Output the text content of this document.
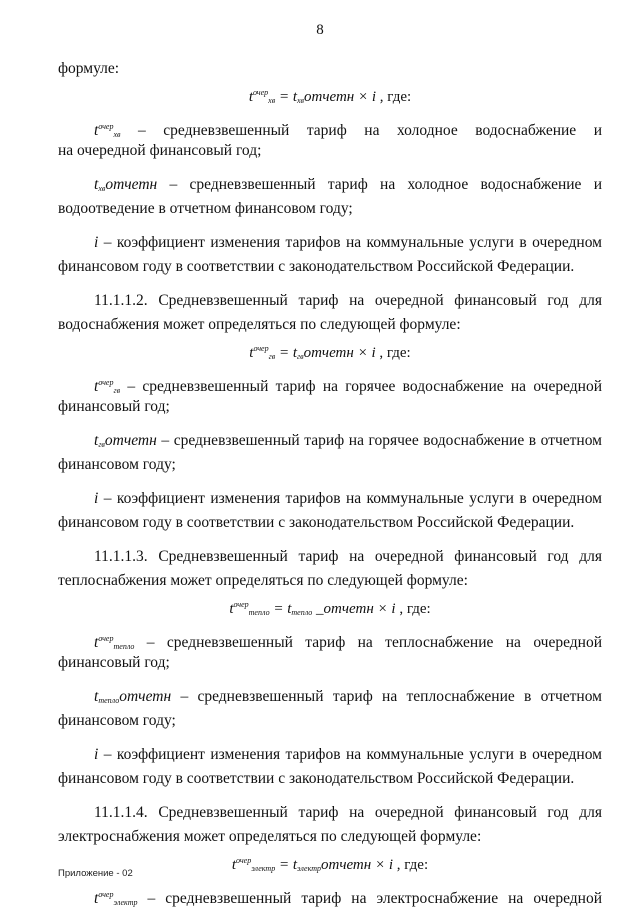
8
формуле:
$t^{очер}_{хв}$ = $t_{хв}отчетн \times i$ , где:
$t^{очер}_{хв}$ – средневзвешенный тариф на холодное водоснабжение и
на очередной финансовый год;
$t_{хв}отчетн$ – средневзвешенный тариф на холодное водоснабжение и
водоотведение в отчетном финансовом году;
i – коэффициент изменения тарифов на коммунальные услуги в очередном
финансовом году в соответствии с законодательством Российской Федерации.
11.1.1.2. Средневзвешенный тариф на очередной финансовый год для
водоснабжения может определяться по следующей формуле:
$t^{очер}_{гв}$ = $t_{гв}отчетн \times i$ , где:
$t^{очер}_{гв}$ – средневзвешенный тариф на горячее водоснабжение на очередной
финансовый год;
$t_{гв}отчетн$ – средневзвешенный тариф на горячее водоснабжение в отчетном
финансовом году;
i – коэффициент изменения тарифов на коммунальные услуги в очередном
финансовом году в соответствии с законодательством Российской Федерации.
11.1.1.3. Средневзвешенный тариф на очередной финансовый год для
теплоснабжения может определяться по следующей формуле:
$t^{очер}_{тепло} = t_{тепло}$ _отчетн × i , где:
$t^{очер}_{тепло}$ – средневзвешенный тариф на теплоснабжение на очередной
финансовый год;
$t_{тепло}отчетн$ – средневзвешенный тариф на теплоснабжение в отчетном
финансовом году;
i – коэффициент изменения тарифов на коммунальные услуги в очередном
финансовом году в соответствии с законодательством Российской Федерации.
11.1.1.4. Средневзвешенный тариф на очередной финансовый год для
электроснабжения может определяться по следующей формуле:
$t^{очер}_{электр}$ = $t_{электр}отчетн \times i$ , где:
$t^{очер}_{электр}$ – средневзвешенный тариф на электроснабжение на очередной
Приложение - 02
